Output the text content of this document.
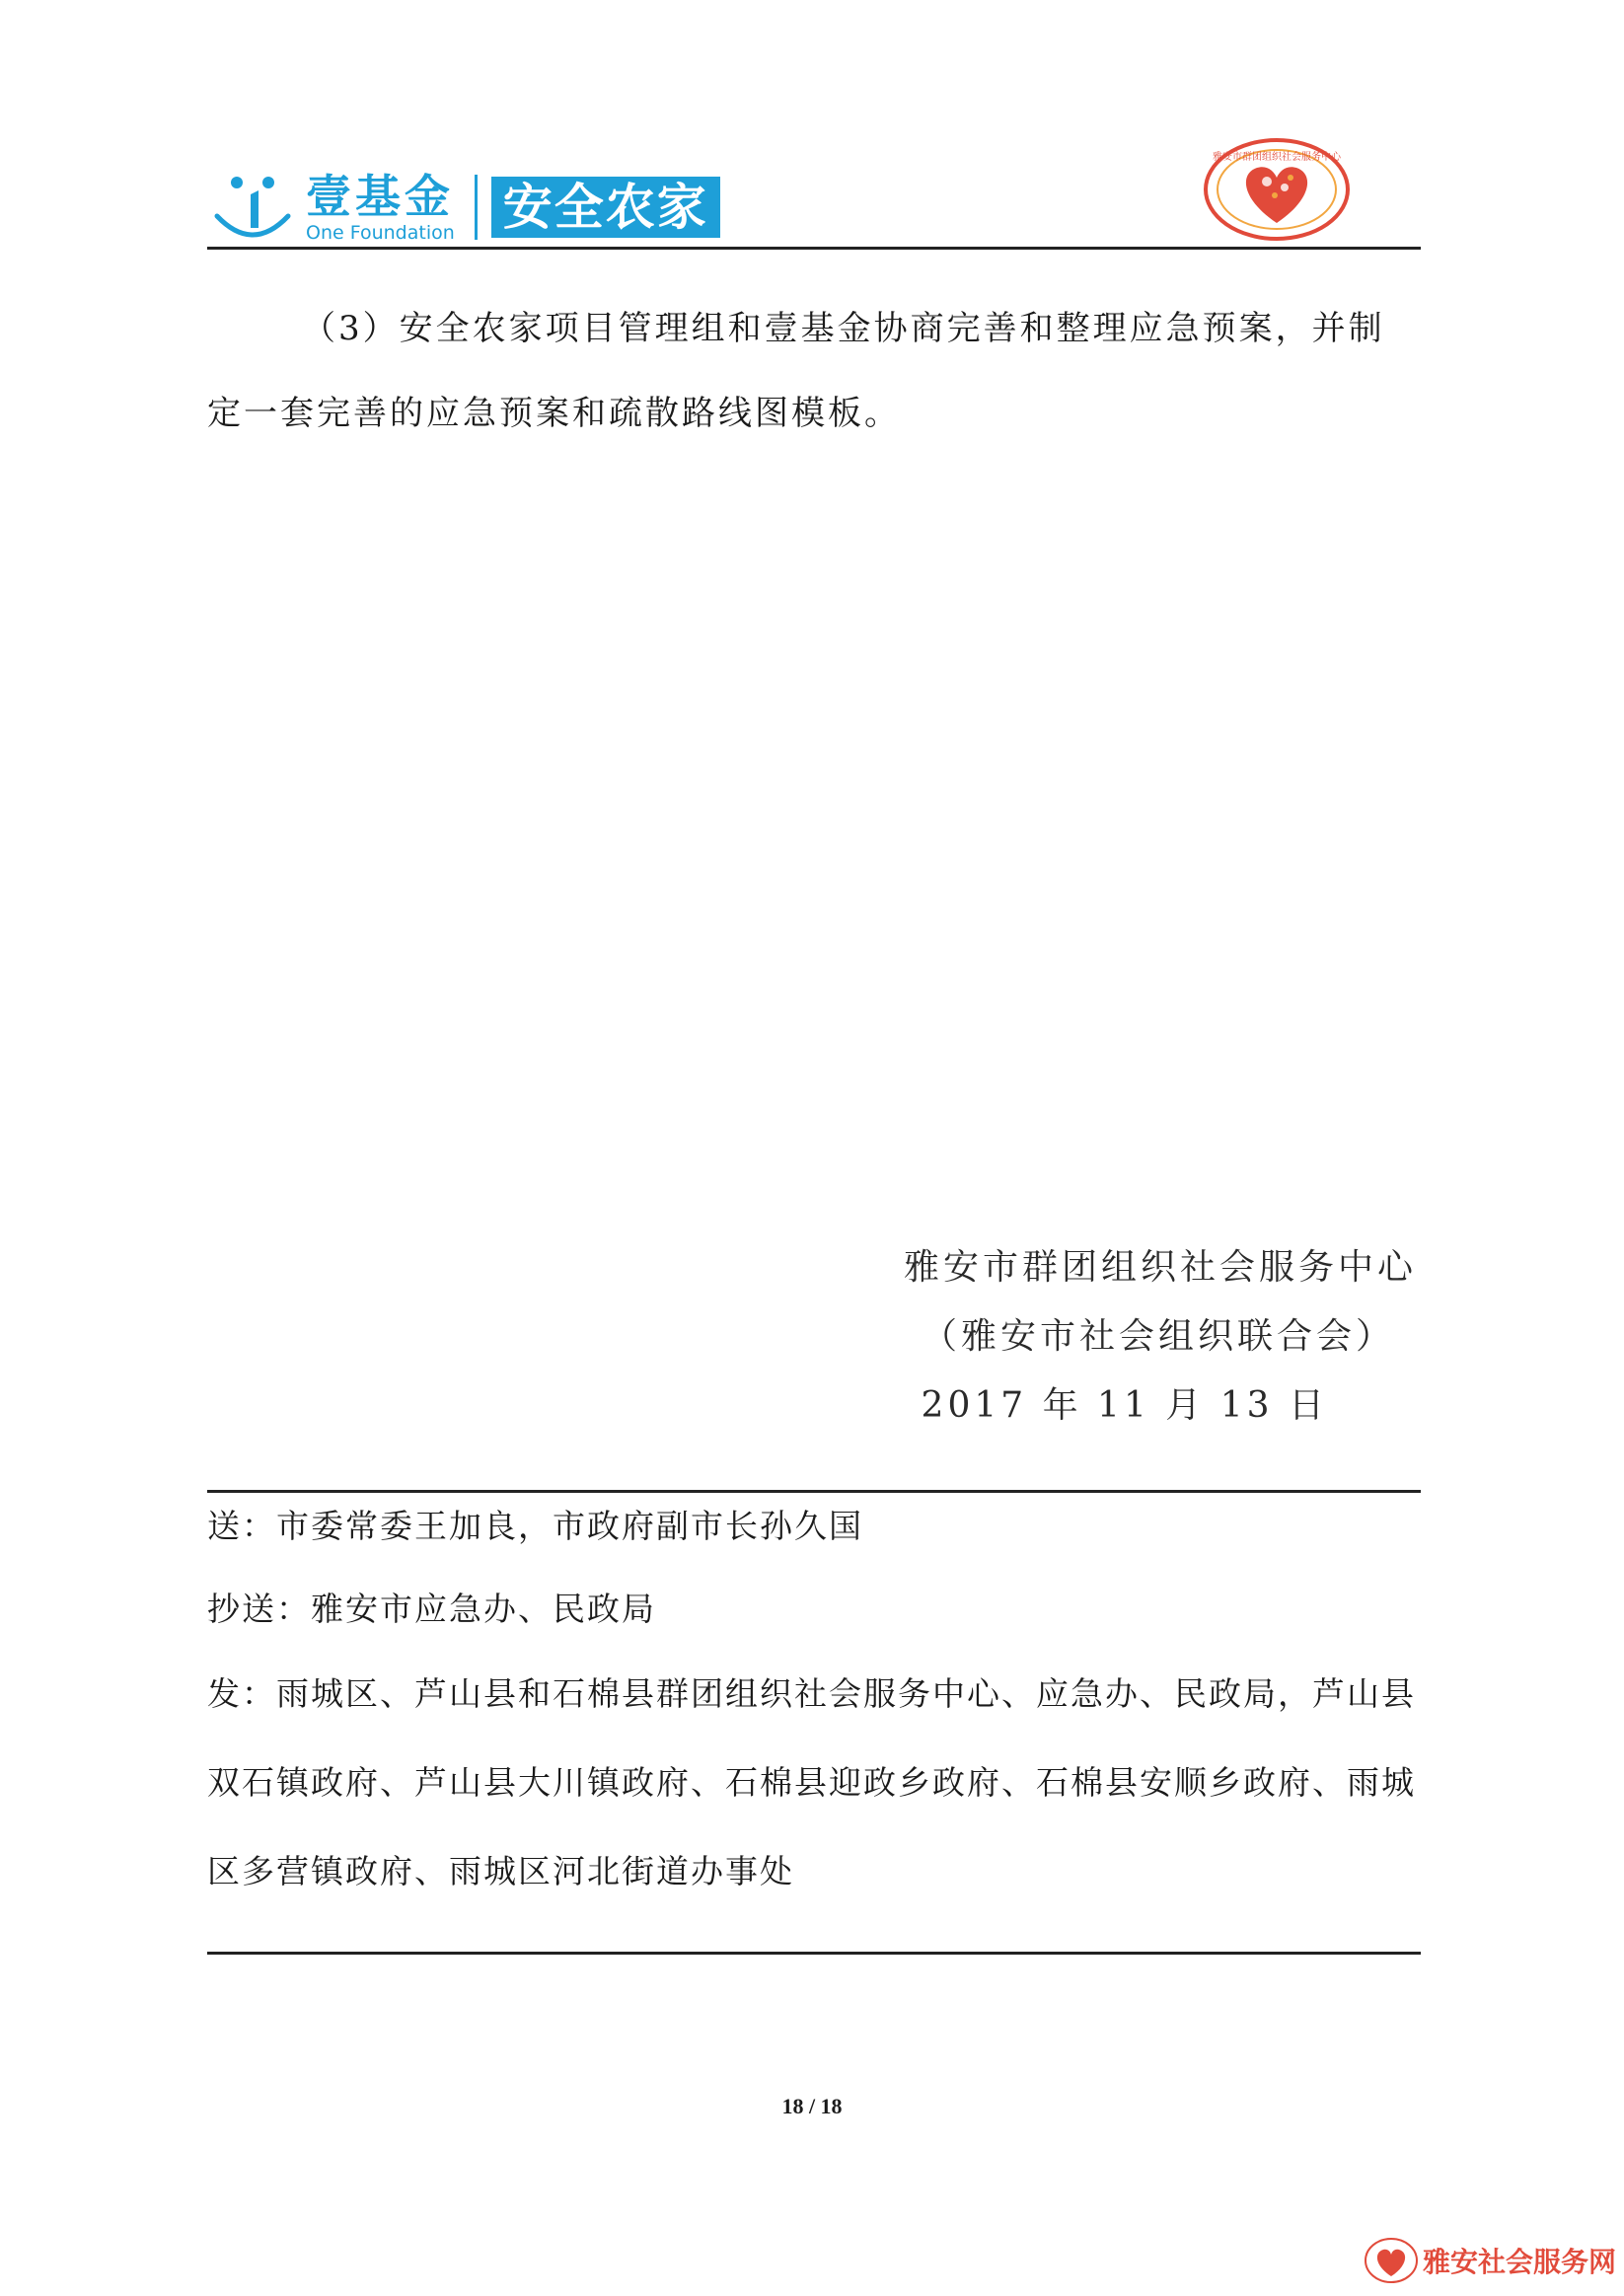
壹基金
One Foundation 安全农家
雅安市群团组织社会服务中心

（3）安全农家项目管理组和壹基金协商完善和整理应急预案，并制定一套完善的应急预案和疏散路线图模板。

雅安市群团组织社会服务中心
（雅安市社会组织联合会）
2017 年 11 月 13 日

送：市委常委王加良，市政府副市长孙久国

抄送：雅安市应急办、民政局

发：雨城区、芦山县和石棉县群团组织社会服务中心、应急办、民政局，芦山县双石镇政府、芦山县大川镇政府、石棉县迎政乡政府、石棉县安顺乡政府、雨城区多营镇政府、雨城区河北街道办事处

18 / 18
雅安社会服务网
